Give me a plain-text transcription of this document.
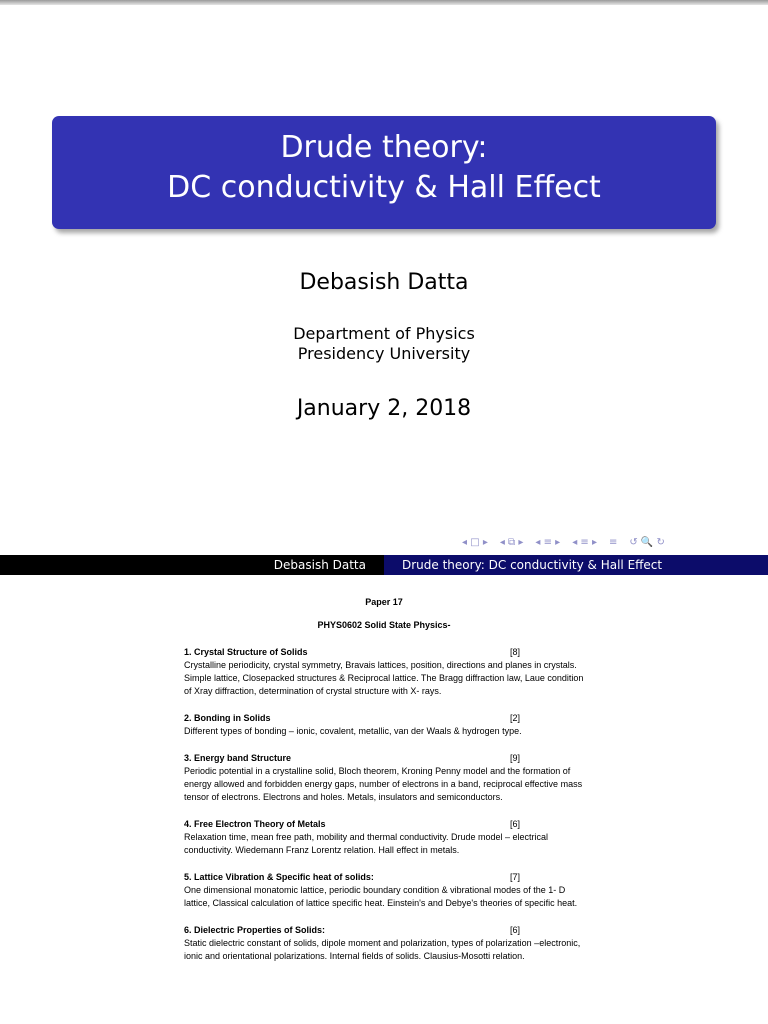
Drude theory:
DC conductivity & Hall Effect
Debasish Datta
Department of Physics
Presidency University
January 2, 2018
◂ □ ▸ ◂ ⧉ ▸ ◂ ≡ ▸ ◂ ≡ ▸ ≡ ↺ 🔍 ↻
Debasish Datta	Drude theory: DC conductivity & Hall Effect
Paper 17
PHYS0602 Solid State Physics-
1. Crystal Structure of Solids	[8]

Crystalline periodicity, crystal symmetry, Bravais lattices, position, directions and planes in crystals. Simple lattice, Closepacked structures & Reciprocal lattice. The Bragg diffraction law, Laue condition of Xray diffraction, determination of crystal structure with X- rays.

2. Bonding in Solids	[2]

Different types of bonding – ionic, covalent, metallic, van der Waals & hydrogen type.

3. Energy band Structure	[9]

Periodic potential in a crystalline solid, Bloch theorem, Kroning Penny model and the formation of energy allowed and forbidden energy gaps, number of electrons in a band, reciprocal effective mass tensor of electrons. Electrons and holes. Metals, insulators and semiconductors.

4. Free Electron Theory of Metals	[6]

Relaxation time, mean free path, mobility and thermal conductivity. Drude model – electrical conductivity. Wiedemann Franz Lorentz relation. Hall effect in metals.

5. Lattice Vibration & Specific heat of solids:	[7]

One dimensional monatomic lattice, periodic boundary condition & vibrational modes of the 1- D lattice, Classical calculation of lattice specific heat. Einstein's and Debye's theories of specific heat.

6. Dielectric Properties of Solids:	[6]

Static dielectric constant of solids, dipole moment and polarization, types of polarization –electronic, ionic and orientational polarizations. Internal fields of solids. Clausius-Mosotti relation.
